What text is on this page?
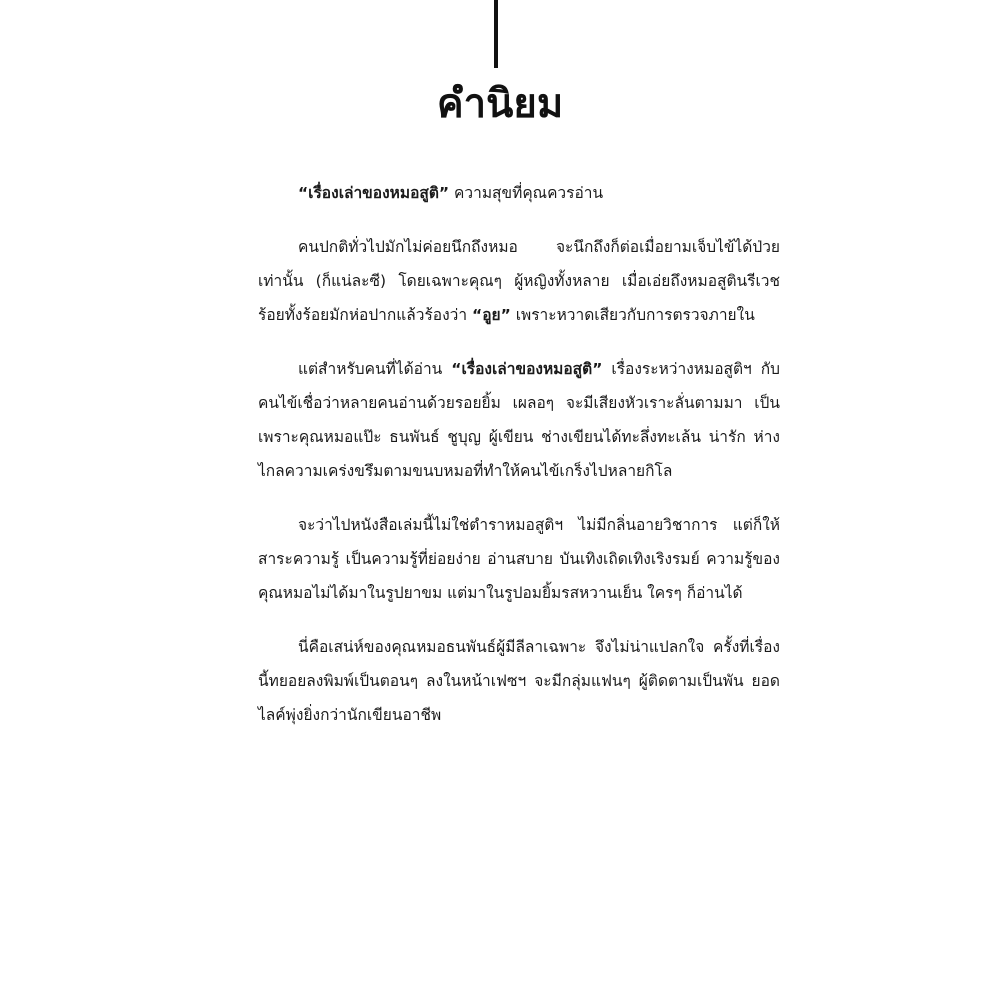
คำนิยม

“เรื่องเล่าของหมอสูติ” ความสุขที่คุณควรอ่าน

คนปกติทั่วไปมักไม่ค่อยนึกถึงหมอ จะนึกถึงก็ต่อเมื่อยามเจ็บไข้ได้ป่วยเท่านั้น (ก็แน่ละซี) โดยเฉพาะคุณๆ ผู้หญิงทั้งหลาย เมื่อเอ่ยถึงหมอสูตินรีเวช ร้อยทั้งร้อยมักห่อปากแล้วร้องว่า “อูย” เพราะหวาดเสียวกับการตรวจภายใน

แต่สำหรับคนที่ได้อ่าน “เรื่องเล่าของหมอสูติ” เรื่องระหว่างหมอสูติฯ กับคนไข้เชื่อว่าหลายคนอ่านด้วยรอยยิ้ม เผลอๆ จะมีเสียงหัวเราะลั่นตามมา เป็นเพราะคุณหมอแป๊ะ ธนพันธ์ ชูบุญ ผู้เขียน ช่างเขียนได้ทะลึ่งทะเล้น น่ารัก ห่างไกลความเคร่งขรึมตามขนบหมอที่ทำให้คนไข้เกร็งไปหลายกิโล

จะว่าไปหนังสือเล่มนี้ไม่ใช่ตำราหมอสูติฯ ไม่มีกลิ่นอายวิชาการ แต่ก็ให้สาระความรู้ เป็นความรู้ที่ย่อยง่าย อ่านสบาย บันเทิงเถิดเทิงเริงรมย์ ความรู้ของคุณหมอไม่ได้มาในรูปยาขม แต่มาในรูปอมยิ้มรสหวานเย็น ใครๆ ก็อ่านได้

นี่คือเสน่ห์ของคุณหมอธนพันธ์ผู้มีลีลาเฉพาะ จึงไม่น่าแปลกใจ ครั้งที่เรื่องนี้ทยอยลงพิมพ์เป็นตอนๆ ลงในหน้าเฟซฯ จะมีกลุ่มแฟนๆ ผู้ติดตามเป็นพัน ยอดไลค์พุ่งยิ่งกว่านักเขียนอาชีพ
